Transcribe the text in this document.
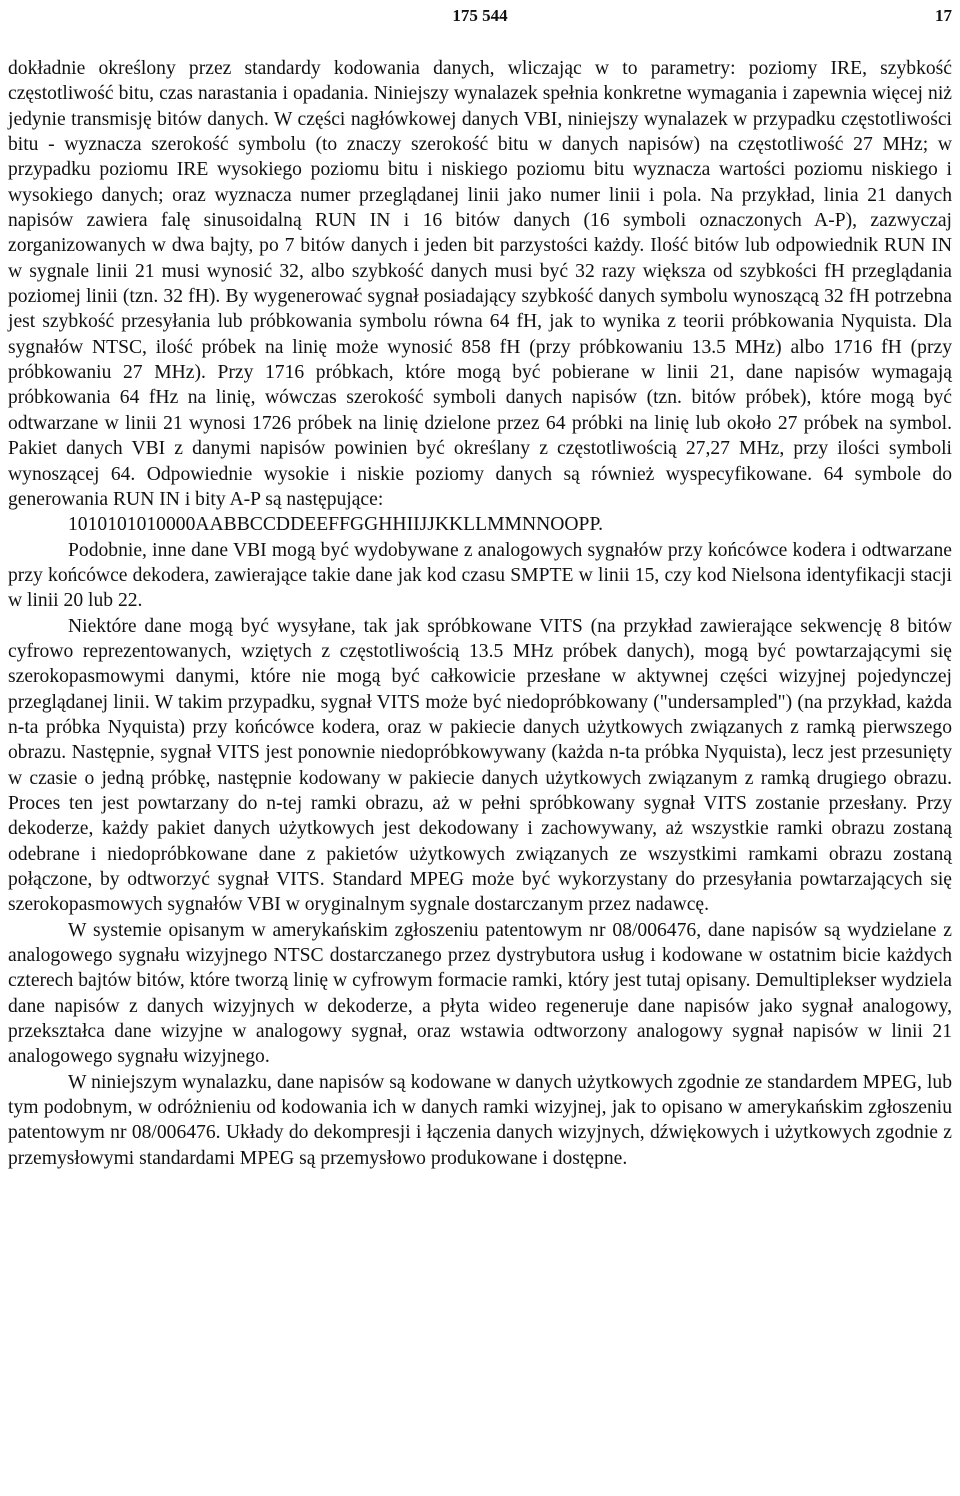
175 544	17

dokładnie określony przez standardy kodowania danych, wliczając w to parametry: poziomy IRE, szybkość częstotliwość bitu, czas narastania i opadania. Niniejszy wynalazek spełnia konkretne wymagania i zapewnia więcej niż jedynie transmisję bitów danych. W części nagłówkowej danych VBI, niniejszy wynalazek w przypadku częstotliwości bitu - wyznacza szerokość symbolu (to znaczy szerokość bitu w danych napisów) na częstotliwość 27 MHz; w przypadku poziomu IRE wysokiego poziomu bitu i niskiego poziomu bitu wyznacza wartości poziomu niskiego i wysokiego danych; oraz wyznacza numer przeglądanej linii jako numer linii i pola. Na przykład, linia 21 danych napisów zawiera falę sinusoidalną RUN IN i 16 bitów danych (16 symboli oznaczonych A-P), zazwyczaj zorganizowanych w dwa bajty, po 7 bitów danych i jeden bit parzystości każdy. Ilość bitów lub odpowiednik RUN IN w sygnale linii 21 musi wynosić 32, albo szybkość danych musi być 32 razy większa od szybkości fH przeglądania poziomej linii (tzn. 32 fH). By wygenerować sygnał posiadający szybkość danych symbolu wynoszącą 32 fH potrzebna jest szybkość przesyłania lub próbkowania symbolu równa 64 fH, jak to wynika z teorii próbkowania Nyquista. Dla sygnałów NTSC, ilość próbek na linię może wynosić 858 fH (przy próbkowaniu 13.5 MHz) albo 1716 fH (przy próbkowaniu 27 MHz). Przy 1716 próbkach, które mogą być pobierane w linii 21, dane napisów wymagają próbkowania 64 fHz na linię, wówczas szerokość symboli danych napisów (tzn. bitów próbek), które mogą być odtwarzane w linii 21 wynosi 1726 próbek na linię dzielone przez 64 próbki na linię lub około 27 próbek na symbol. Pakiet danych VBI z danymi napisów powinien być określany z częstotliwością 27,27 MHz, przy ilości symboli wynoszącej 64. Odpowiednie wysokie i niskie poziomy danych są również wyspecyfikowane. 64 symbole do generowania RUN IN i bity A-P są następujące:

1010101010000AABBCCDDEEFFGGHHIIJJKKLLMMNNOOPP.

Podobnie, inne dane VBI mogą być wydobywane z analogowych sygnałów przy końcówce kodera i odtwarzane przy końcówce dekodera, zawierające takie dane jak kod czasu SMPTE w linii 15, czy kod Nielsona identyfikacji stacji w linii 20 lub 22.

Niektóre dane mogą być wysyłane, tak jak spróbkowane VITS (na przykład zawierające sekwencję 8 bitów cyfrowo reprezentowanych, wziętych z częstotliwością 13.5 MHz próbek danych), mogą być powtarzającymi się szerokopasmowymi danymi, które nie mogą być całkowicie przesłane w aktywnej części wizyjnej pojedynczej przeglądanej linii. W takim przypadku, sygnał VITS może być niedopróbkowany ("undersampled") (na przykład, każda n-ta próbka Nyquista) przy końcówce kodera, oraz w pakiecie danych użytkowych związanych z ramką pierwszego obrazu. Następnie, sygnał VITS jest ponownie niedopróbkowywany (każda n-ta próbka Nyquista), lecz jest przesunięty w czasie o jedną próbkę, następnie kodowany w pakiecie danych użytkowych związanym z ramką drugiego obrazu. Proces ten jest powtarzany do n-tej ramki obrazu, aż w pełni spróbkowany sygnał VITS zostanie przesłany. Przy dekoderze, każdy pakiet danych użytkowych jest dekodowany i zachowywany, aż wszystkie ramki obrazu zostaną odebrane i niedopróbkowane dane z pakietów użytkowych związanych ze wszystkimi ramkami obrazu zostaną połączone, by odtworzyć sygnał VITS. Standard MPEG może być wykorzystany do przesyłania powtarzających się szerokopasmowych sygnałów VBI w oryginalnym sygnale dostarczanym przez nadawcę.

W systemie opisanym w amerykańskim zgłoszeniu patentowym nr 08/006476, dane napisów są wydzielane z analogowego sygnału wizyjnego NTSC dostarczanego przez dystrybutora usług i kodowane w ostatnim bicie każdych czterech bajtów bitów, które tworzą linię w cyfrowym formacie ramki, który jest tutaj opisany. Demultiplekser wydziela dane napisów z danych wizyjnych w dekoderze, a płyta wideo regeneruje dane napisów jako sygnał analogowy, przekształca dane wizyjne w analogowy sygnał, oraz wstawia odtworzony analogowy sygnał napisów w linii 21 analogowego sygnału wizyjnego.

W niniejszym wynalazku, dane napisów są kodowane w danych użytkowych zgodnie ze standardem MPEG, lub tym podobnym, w odróżnieniu od kodowania ich w danych ramki wizyjnej, jak to opisano w amerykańskim zgłoszeniu patentowym nr 08/006476. Układy do dekompresji i łączenia danych wizyjnych, dźwiękowych i użytkowych zgodnie z przemysłowymi standardami MPEG są przemysłowo produkowane i dostępne.
